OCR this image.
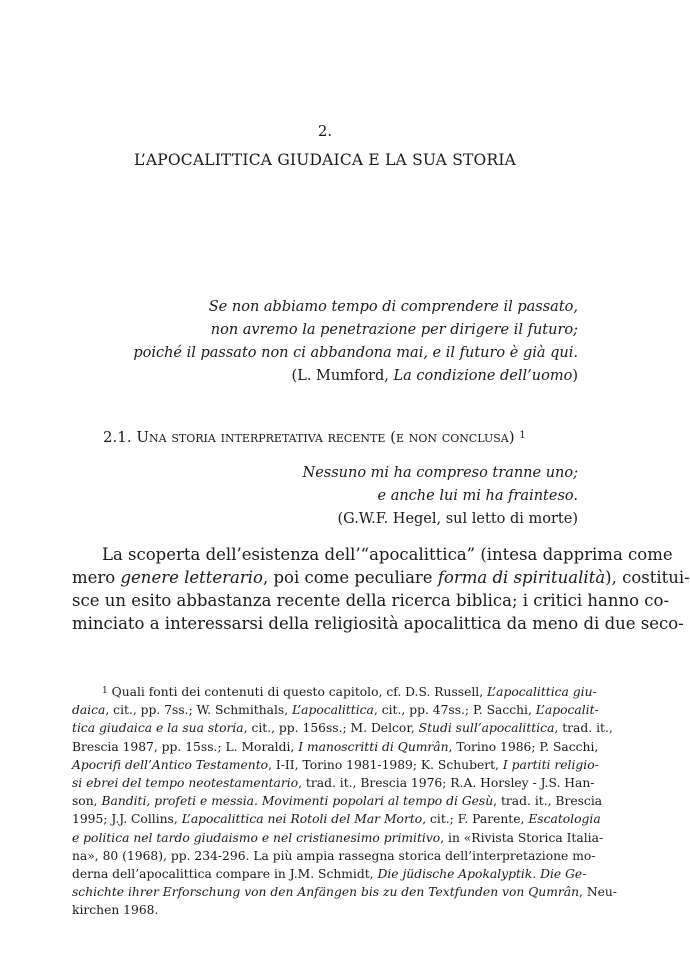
2.
L’APOCALITTICA GIUDAICA E LA SUA STORIA
Se non abbiamo tempo di comprendere il passato,
non avremo la penetrazione per dirigere il futuro;
poiché il passato non ci abbandona mai, e il futuro è già qui.
(L. Mumford, La condizione dell’uomo)
2.1. Una storia interpretativa recente (e non conclusa) $^1$
Nessuno mi ha compreso tranne uno;
e anche lui mi ha frainteso.
(G.W.F. Hegel, sul letto di morte)
La scoperta dell’esistenza dell’“apocalittica” (intesa dapprima come
mero genere letterario, poi come peculiare forma di spiritualità), costitui-
sce un esito abbastanza recente della ricerca biblica; i critici hanno co-
minciato a interessarsi della religiosità apocalittica da meno di due seco-
$^1$ Quali fonti dei contenuti di questo capitolo, cf. D.S. Russell, L’apocalittica giu-
daica, cit., pp. 7ss.; W. Schmithals, L’apocalittica, cit., pp. 47ss.; P. Sacchi, L’apocalit-
tica giudaica e la sua storia, cit., pp. 156ss.; M. Delcor, Studi sull’apocalittica, trad. it.,
Brescia 1987, pp. 15ss.; L. Moraldi, I manoscritti di Qumrân, Torino 1986; P. Sacchi,
Apocrifi dell’Antico Testamento, I-II, Torino 1981-1989; K. Schubert, I partiti religio-
si ebrei del tempo neotestamentario, trad. it., Brescia 1976; R.A. Horsley - J.S. Han-
son, Banditi, profeti e messia. Movimenti popolari al tempo di Gesù, trad. it., Brescia
1995; J.J. Collins, L’apocalittica nei Rotoli del Mar Morto, cit.; F. Parente, Escatologia
e politica nel tardo giudaismo e nel cristianesimo primitivo, in «Rivista Storica Italia-
na», 80 (1968), pp. 234-296. La più ampia rassegna storica dell’interpretazione mo-
derna dell’apocalittica compare in J.M. Schmidt, Die jüdische Apokalyptik. Die Ge-
schichte ihrer Erforschung von den Anfängen bis zu den Textfunden von Qumrân, Neu-
kirchen 1968.
